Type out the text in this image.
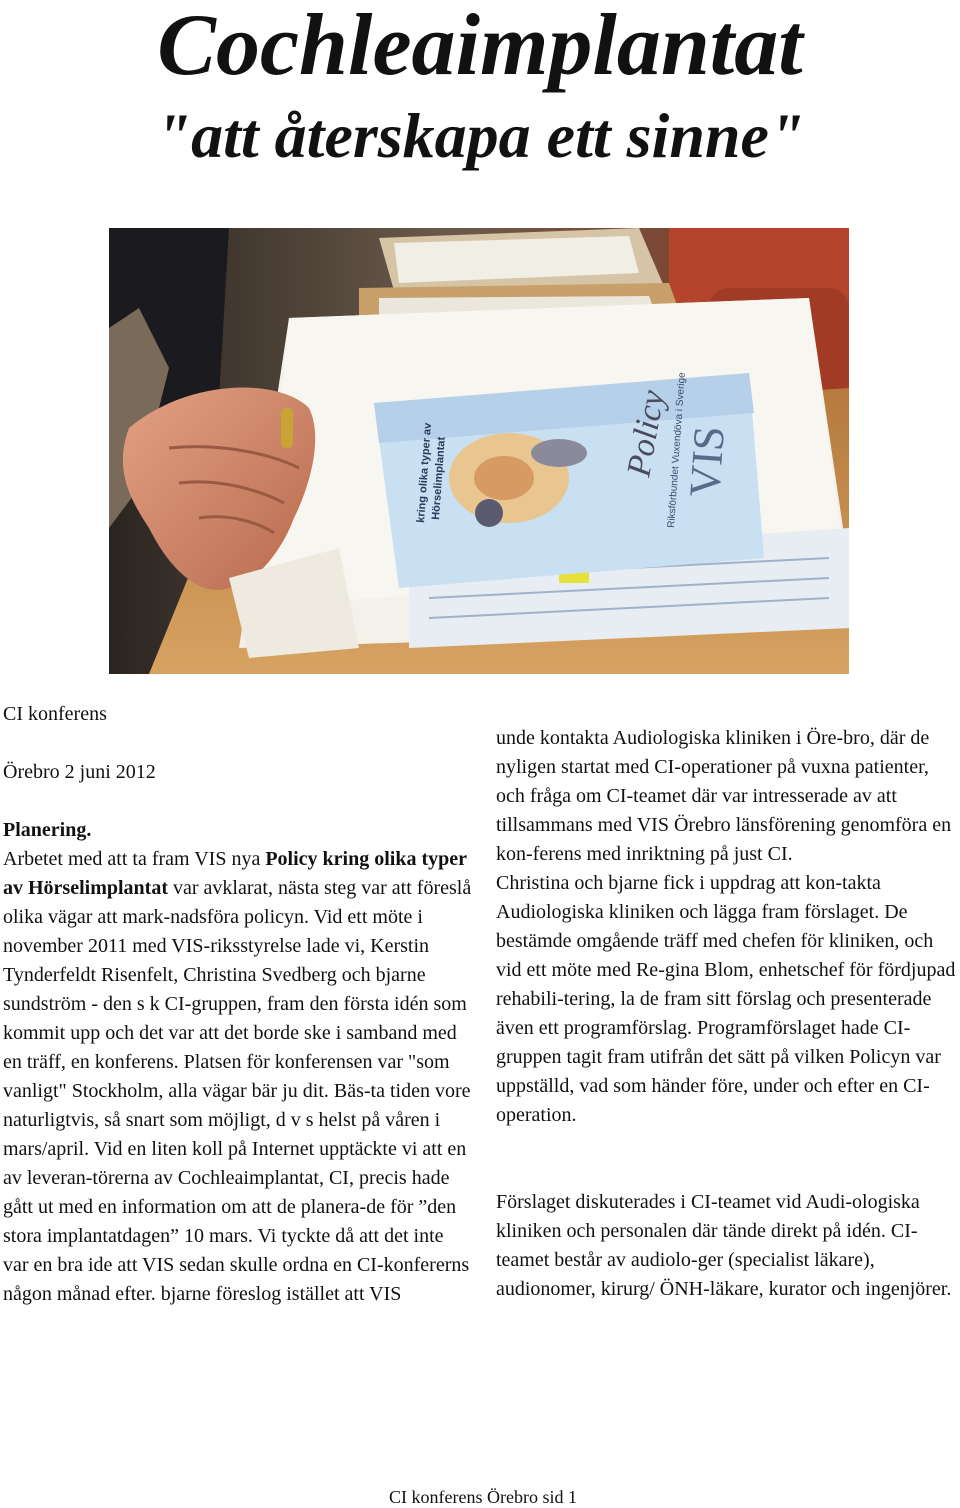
Cochleaimplantat
"att återskapa ett sinne"
VIS
Riksförbundet Vuxendöva i Sverige
Policy
kring olika typer av
Hörselimplantat

CI konferens

Örebro 2 juni 2012

Planering.

Arbetet med att ta fram VIS nya Policy kring olika typer av Hörselimplantat var avklarat, nästa steg var att föreslå olika vägar att mark-nadsföra policyn. Vid ett möte i november 2011 med VIS-riksstyrelse lade vi, Kerstin Tynderfeldt Risenfelt, Christina Svedberg och bjarne sundström - den s k CI-gruppen, fram den första idén som kommit upp och det var att det borde ske i samband med en träff, en konferens. Platsen för konferensen var "som vanligt" Stockholm, alla vägar bär ju dit. Bäs-ta tiden vore naturligtvis, så snart som möjligt, d v s helst på våren i mars/april. Vid en liten koll på Internet upptäckte vi att en av leveran-törerna av Cochleaimplantat, CI, precis hade gått ut med en information om att de planera-de för ”den stora implantatdagen” 10 mars. Vi tyckte då att det inte var en bra ide att VIS sedan skulle ordna en CI-konfererns någon månad efter. bjarne föreslog istället att VIS

unde kontakta Audiologiska kliniken i Öre-bro, där de nyligen startat med CI-operationer på vuxna patienter, och fråga om CI-teamet där var intresserade av att tillsammans med VIS Örebro länsförening genomföra en kon-ferens med inriktning på just CI.

Christina och bjarne fick i uppdrag att kon-takta Audiologiska kliniken och lägga fram förslaget. De bestämde omgående träff med chefen för kliniken, och vid ett möte med Re-gina Blom, enhetschef för fördjupad rehabili-tering, la de fram sitt förslag och presenterade även ett programförslag. Programförslaget hade CI-gruppen tagit fram utifrån det sätt på vilken Policyn var uppställd, vad som händer före, under och efter en CI-operation.

Förslaget diskuterades i CI-teamet vid Audi-ologiska kliniken och personalen där tände direkt på idén. CI-teamet består av audiolo-ger (specialist läkare), audionomer, kirurg/ ÖNH-läkare, kurator och ingenjörer.

CI konferens Örebro sid 1
